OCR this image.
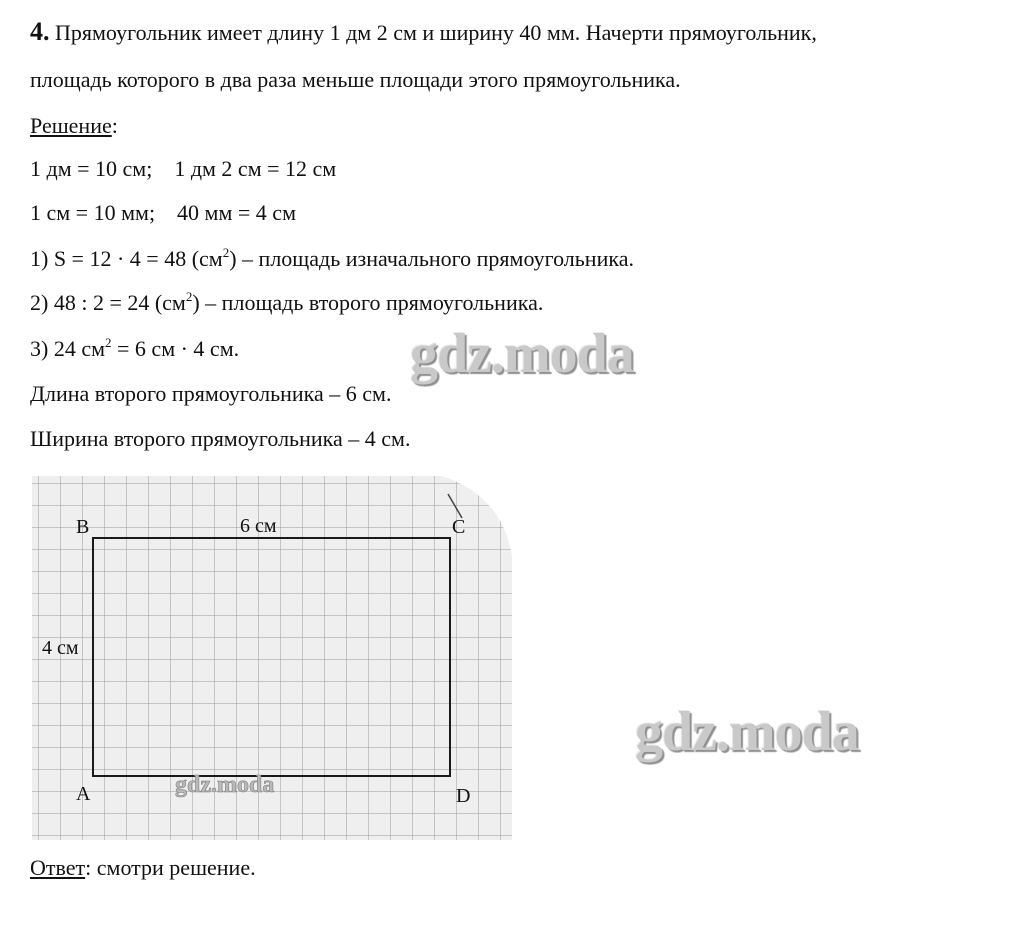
4. Прямоугольник имеет длину 1 дм 2 см и ширину 40 мм. Начерти прямоугольник,
площадь которого в два раза меньше площади этого прямоугольника.
Решение:
1 дм = 10 см;    1 дм 2 см = 12 см
1 см = 10 мм;    40 мм = 4 см
1) S = 12 · 4 = 48 $(см^2)$ – площадь изначального прямоугольника.
2) 48 : 2 = 24 $(см^2)$ – площадь второго прямоугольника.
3) 24 $см^2 = 6$ см · 4 см.
Длина второго прямоугольника – 6 см.
Ширина второго прямоугольника – 4 см.
gdz.moda
gdz.moda
B	C
A	D
6 см
4 см
gdz.moda
Ответ: смотри решение.
